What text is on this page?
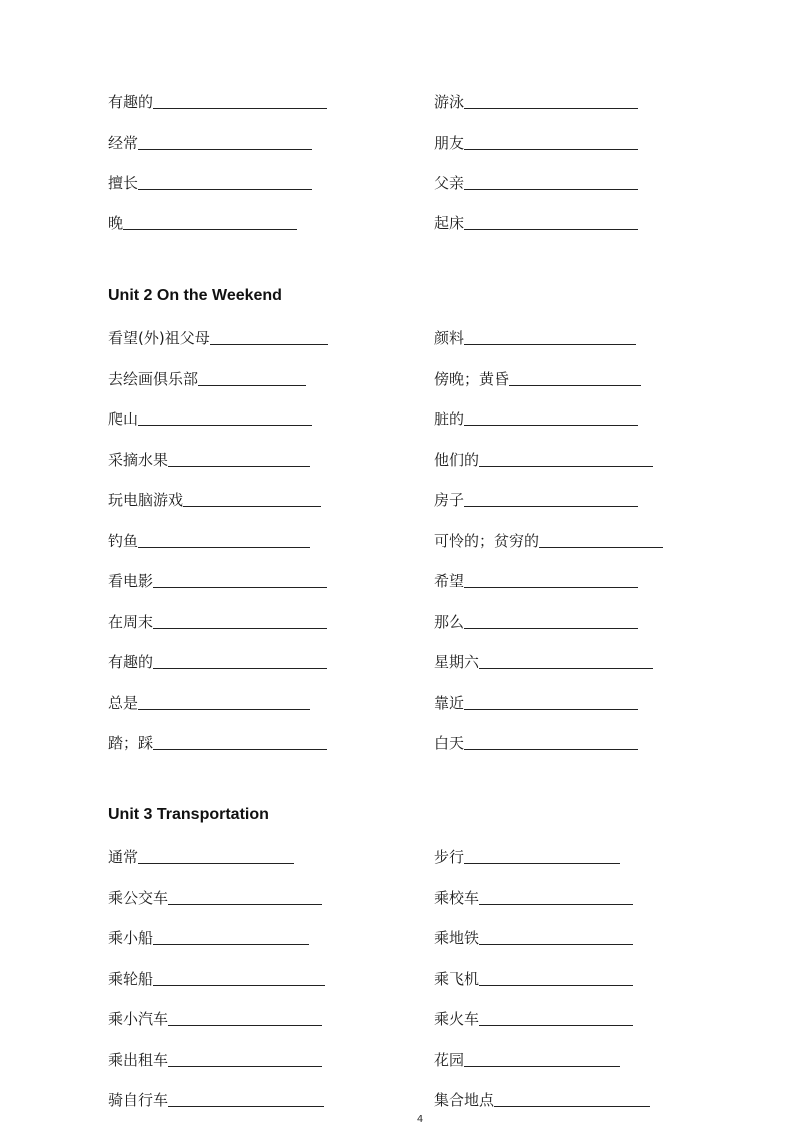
有趣的	游泳
经常	朋友
擅长	父亲
晚	起床
Unit 2 On the Weekend
看望(外)祖父母	颜料
去绘画俱乐部	傍晚；黄昏
爬山	脏的
采摘水果	他们的
玩电脑游戏	房子
钓鱼	可怜的；贫穷的
看电影	希望
在周末	那么
有趣的	星期六
总是	靠近
踏；踩	白天
Unit 3 Transportation
通常	步行
乘公交车	乘校车
乘小船	乘地铁
乘轮船	乘飞机
乘小汽车	乘火车
乘出租车	花园
骑自行车	集合地点
4
